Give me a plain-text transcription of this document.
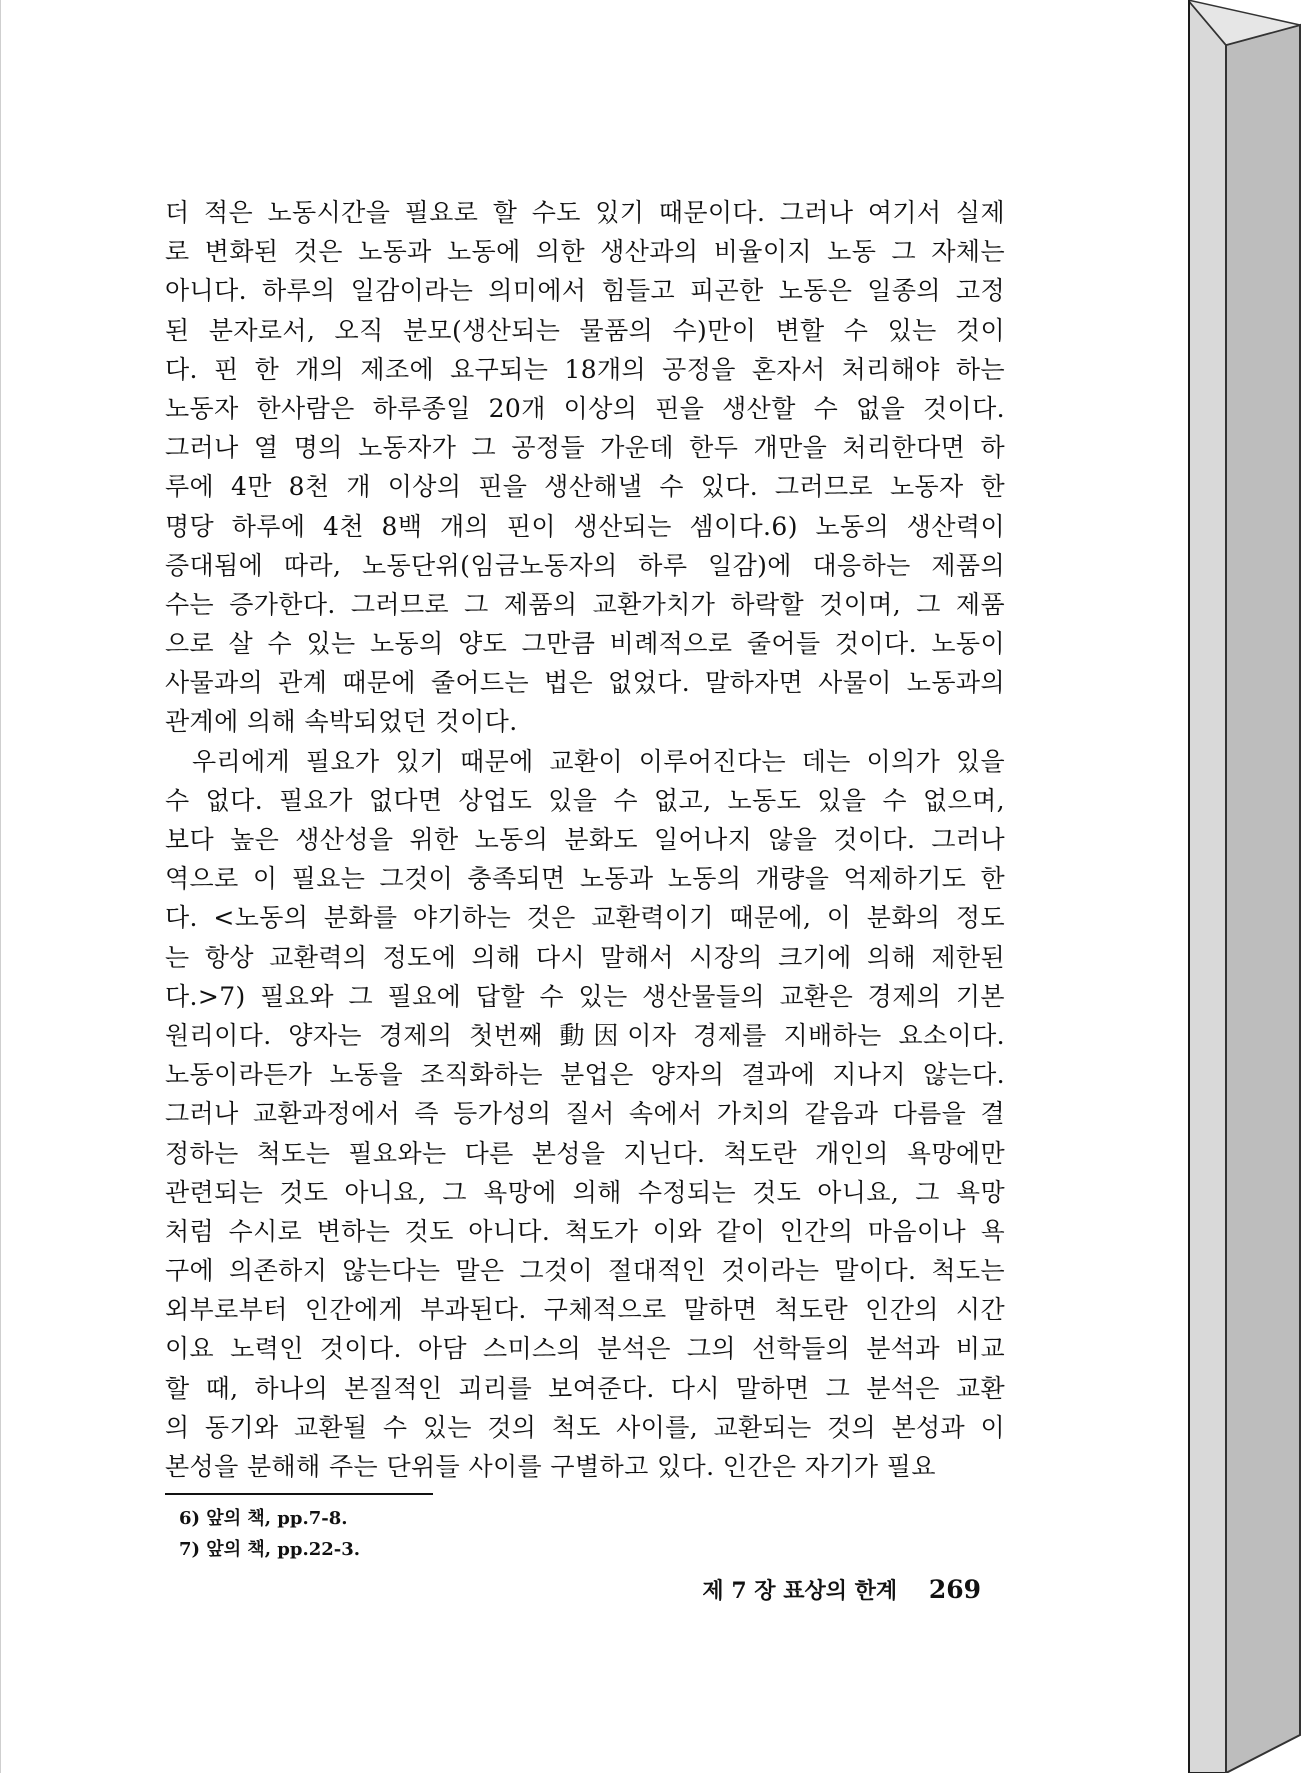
더 적은 노동시간을 필요로 할 수도 있기 때문이다. 그러나 여기서 실제
로 변화된 것은 노동과 노동에 의한 생산과의 비율이지 노동 그 자체는
아니다. 하루의 일감이라는 의미에서 힘들고 피곤한 노동은 일종의 고정
된 분자로서, 오직 분모(생산되는 물품의 수)만이 변할 수 있는 것이
다. 핀 한 개의 제조에 요구되는 18개의 공정을 혼자서 처리해야 하는
노동자 한사람은 하루종일 20개 이상의 핀을 생산할 수 없을 것이다.
그러나 열 명의 노동자가 그 공정들 가운데 한두 개만을 처리한다면 하
루에 4만 8천 개 이상의 핀을 생산해낼 수 있다. 그러므로 노동자 한
명당 하루에 4천 8백 개의 핀이 생산되는 셈이다.6) 노동의 생산력이
증대됨에 따라, 노동단위(임금노동자의 하루 일감)에 대응하는 제품의
수는 증가한다. 그러므로 그 제품의 교환가치가 하락할 것이며, 그 제품
으로 살 수 있는 노동의 양도 그만큼 비례적으로 줄어들 것이다. 노동이
사물과의 관계 때문에 줄어드는 법은 없었다. 말하자면 사물이 노동과의
관계에 의해 속박되었던 것이다.
우리에게 필요가 있기 때문에 교환이 이루어진다는 데는 이의가 있을
수 없다. 필요가 없다면 상업도 있을 수 없고, 노동도 있을 수 없으며,
보다 높은 생산성을 위한 노동의 분화도 일어나지 않을 것이다. 그러나
역으로 이 필요는 그것이 충족되면 노동과 노동의 개량을 억제하기도 한
다. <노동의 분화를 야기하는 것은 교환력이기 때문에, 이 분화의 정도
는 항상 교환력의 정도에 의해 다시 말해서 시장의 크기에 의해 제한된
다.>7) 필요와 그 필요에 답할 수 있는 생산물들의 교환은 경제의 기본
원리이다. 양자는 경제의 첫번째 動因이자 경제를 지배하는 요소이다.
노동이라든가 노동을 조직화하는 분업은 양자의 결과에 지나지 않는다.
그러나 교환과정에서 즉 등가성의 질서 속에서 가치의 같음과 다름을 결
정하는 척도는 필요와는 다른 본성을 지닌다. 척도란 개인의 욕망에만
관련되는 것도 아니요, 그 욕망에 의해 수정되는 것도 아니요, 그 욕망
처럼 수시로 변하는 것도 아니다. 척도가 이와 같이 인간의 마음이나 욕
구에 의존하지 않는다는 말은 그것이 절대적인 것이라는 말이다. 척도는
외부로부터 인간에게 부과된다. 구체적으로 말하면 척도란 인간의 시간
이요 노력인 것이다. 아담 스미스의 분석은 그의 선학들의 분석과 비교
할 때, 하나의 본질적인 괴리를 보여준다. 다시 말하면 그 분석은 교환
의 동기와 교환될 수 있는 것의 척도 사이를, 교환되는 것의 본성과 이
본성을 분해해 주는 단위들 사이를 구별하고 있다. 인간은 자기가 필요
6) 앞의 책, pp.7-8.
7) 앞의 책, pp.22-3.
제 7 장 표상의 한계 269
